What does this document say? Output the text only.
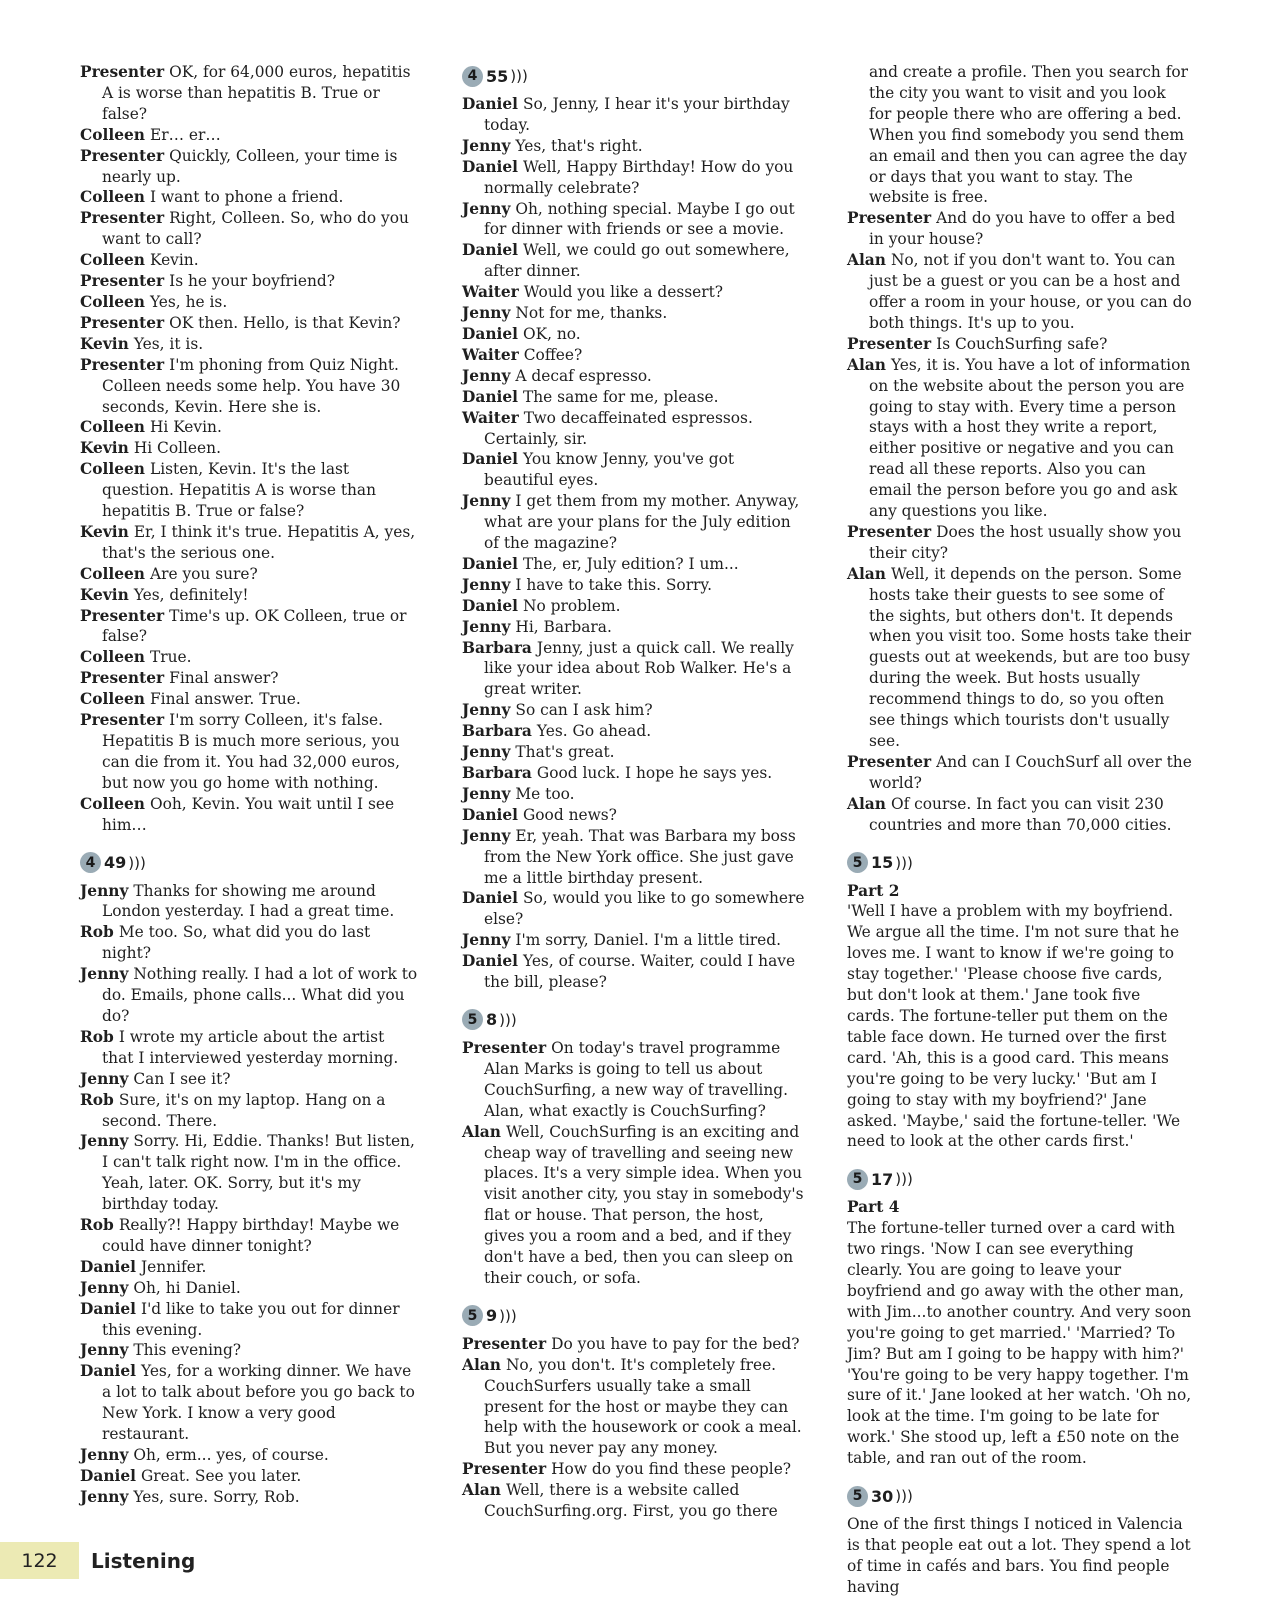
Presenter OK, for 64,000 euros, hepatitis A is worse than hepatitis B. True or false?
Colleen Er… er…
Presenter Quickly, Colleen, your time is nearly up.
Colleen I want to phone a friend.
Presenter Right, Colleen. So, who do you want to call?
Colleen Kevin.
Presenter Is he your boyfriend?
Colleen Yes, he is.
Presenter OK then. Hello, is that Kevin?
Kevin Yes, it is.
Presenter I'm phoning from Quiz Night. Colleen needs some help. You have 30 seconds, Kevin. Here she is.
Colleen Hi Kevin.
Kevin Hi Colleen.
Colleen Listen, Kevin. It's the last question. Hepatitis A is worse than hepatitis B. True or false?
Kevin Er, I think it's true. Hepatitis A, yes, that's the serious one.
Colleen Are you sure?
Kevin Yes, definitely!
Presenter Time's up. OK Colleen, true or false?
Colleen True.
Presenter Final answer?
Colleen Final answer. True.
Presenter I'm sorry Colleen, it's false. Hepatitis B is much more serious, you can die from it. You had 32,000 euros, but now you go home with nothing.
Colleen Ooh, Kevin. You wait until I see him…
4 49 )))
Jenny Thanks for showing me around London yesterday. I had a great time.
Rob Me too. So, what did you do last night?
Jenny Nothing really. I had a lot of work to do. Emails, phone calls... What did you do?
Rob I wrote my article about the artist that I interviewed yesterday morning.
Jenny Can I see it?
Rob Sure, it's on my laptop. Hang on a second. There.
Jenny Sorry. Hi, Eddie. Thanks! But listen, I can't talk right now. I'm in the office. Yeah, later. OK. Sorry, but it's my birthday today.
Rob Really?! Happy birthday! Maybe we could have dinner tonight?
Daniel Jennifer.
Jenny Oh, hi Daniel.
Daniel I'd like to take you out for dinner this evening.
Jenny This evening?
Daniel Yes, for a working dinner. We have a lot to talk about before you go back to New York. I know a very good restaurant.
Jenny Oh, erm... yes, of course.
Daniel Great. See you later.
Jenny Yes, sure. Sorry, Rob.
4 55 )))
Daniel So, Jenny, I hear it's your birthday today.
Jenny Yes, that's right.
Daniel Well, Happy Birthday! How do you normally celebrate?
Jenny Oh, nothing special. Maybe I go out for dinner with friends or see a movie.
Daniel Well, we could go out somewhere, after dinner.
Waiter Would you like a dessert?
Jenny Not for me, thanks.
Daniel OK, no.
Waiter Coffee?
Jenny A decaf espresso.
Daniel The same for me, please.
Waiter Two decaffeinated espressos. Certainly, sir.
Daniel You know Jenny, you've got beautiful eyes.
Jenny I get them from my mother. Anyway, what are your plans for the July edition of the magazine?
Daniel The, er, July edition? I um...
Jenny I have to take this. Sorry.
Daniel No problem.
Jenny Hi, Barbara.
Barbara Jenny, just a quick call. We really like your idea about Rob Walker. He's a great writer.
Jenny So can I ask him?
Barbara Yes. Go ahead.
Jenny That's great.
Barbara Good luck. I hope he says yes.
Jenny Me too.
Daniel Good news?
Jenny Er, yeah. That was Barbara my boss from the New York office. She just gave me a little birthday present.
Daniel So, would you like to go somewhere else?
Jenny I'm sorry, Daniel. I'm a little tired.
Daniel Yes, of course. Waiter, could I have the bill, please?
5 8 )))
Presenter On today's travel programme Alan Marks is going to tell us about CouchSurfing, a new way of travelling. Alan, what exactly is CouchSurfing?
Alan Well, CouchSurfing is an exciting and cheap way of travelling and seeing new places. It's a very simple idea. When you visit another city, you stay in somebody's flat or house. That person, the host, gives you a room and a bed, and if they don't have a bed, then you can sleep on their couch, or sofa.
5 9 )))
Presenter Do you have to pay for the bed?
Alan No, you don't. It's completely free. CouchSurfers usually take a small present for the host or maybe they can help with the housework or cook a meal. But you never pay any money.
Presenter How do you find these people?
Alan Well, there is a website called CouchSurfing.org. First, you go there
and create a profile. Then you search for the city you want to visit and you look for people there who are offering a bed. When you find somebody you send them an email and then you can agree the day or days that you want to stay. The website is free.
Presenter And do you have to offer a bed in your house?
Alan No, not if you don't want to. You can just be a guest or you can be a host and offer a room in your house, or you can do both things. It's up to you.
Presenter Is CouchSurfing safe?
Alan Yes, it is. You have a lot of information on the website about the person you are going to stay with. Every time a person stays with a host they write a report, either positive or negative and you can read all these reports. Also you can email the person before you go and ask any questions you like.
Presenter Does the host usually show you their city?
Alan Well, it depends on the person. Some hosts take their guests to see some of the sights, but others don't. It depends when you visit too. Some hosts take their guests out at weekends, but are too busy during the week. But hosts usually recommend things to do, so you often see things which tourists don't usually see.
Presenter And can I CouchSurf all over the world?
Alan Of course. In fact you can visit 230 countries and more than 70,000 cities.
5 15 )))
Part 2
'Well I have a problem with my boyfriend. We argue all the time. I'm not sure that he loves me. I want to know if we're going to stay together.' 'Please choose five cards, but don't look at them.' Jane took five cards. The fortune-teller put them on the table face down. He turned over the first card. 'Ah, this is a good card. This means you're going to be very lucky.' 'But am I going to stay with my boyfriend?' Jane asked. 'Maybe,' said the fortune-teller. 'We need to look at the other cards first.'
5 17 )))
Part 4
The fortune-teller turned over a card with two rings. 'Now I can see everything clearly. You are going to leave your boyfriend and go away with the other man, with Jim...to another country. And very soon you're going to get married.' 'Married? To Jim? But am I going to be happy with him?' 'You're going to be very happy together. I'm sure of it.' Jane looked at her watch. 'Oh no, look at the time. I'm going to be late for work.' She stood up, left a £50 note on the table, and ran out of the room.
5 30 )))
One of the first things I noticed in Valencia is that people eat out a lot. They spend a lot of time in cafés and bars. You find people having
122	Listening
